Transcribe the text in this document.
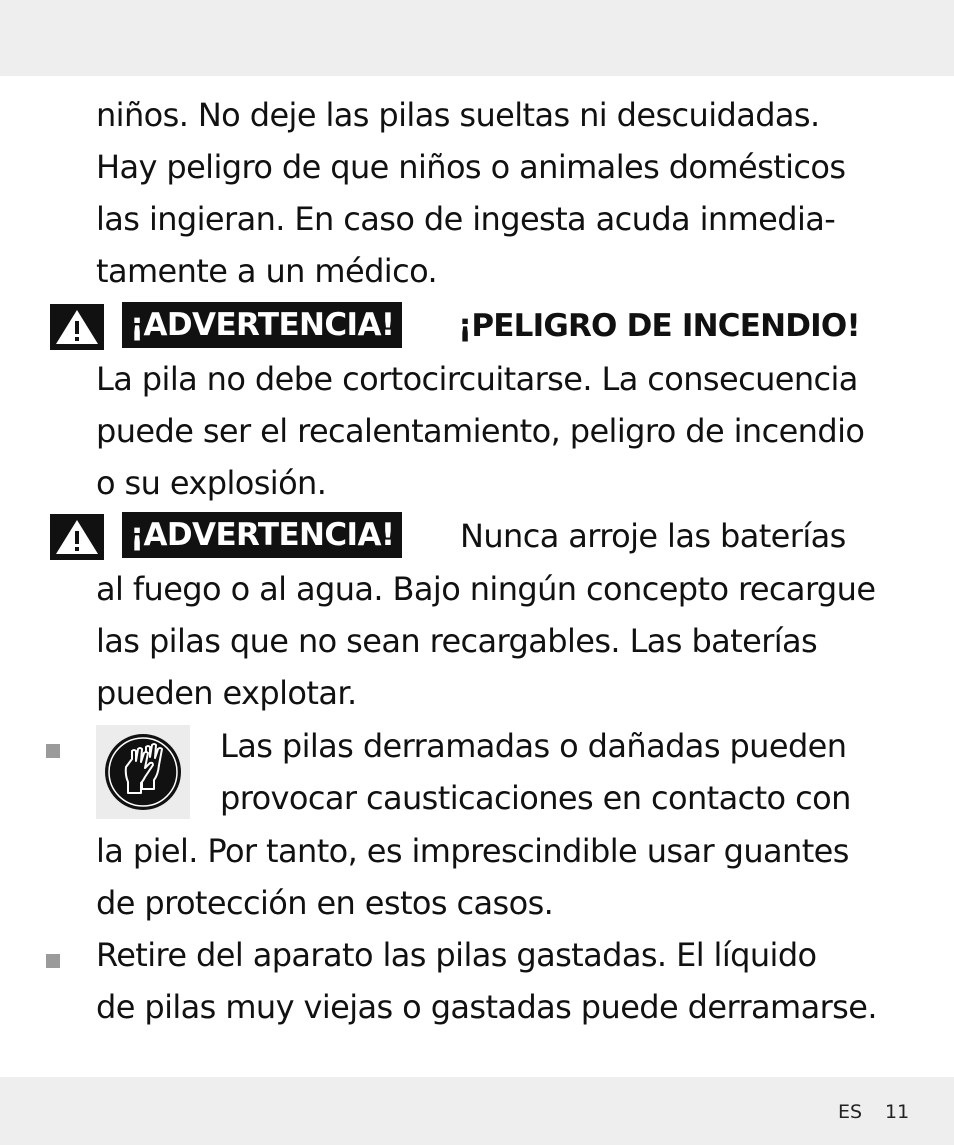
niños. No deje las pilas sueltas ni descuidadas.
Hay peligro de que niños o animales domésticos
las ingieran. En caso de ingesta acuda inmedia-
tamente a un médico.
¡ADVERTENCIA! ¡PELIGRO DE INCENDIO!
La pila no debe cortocircuitarse. La consecuencia
puede ser el recalentamiento, peligro de incendio
o su explosión.
¡ADVERTENCIA! Nunca arroje las baterías
al fuego o al agua. Bajo ningún concepto recargue
las pilas que no sean recargables. Las baterías
pueden explotar.
Las pilas derramadas o dañadas pueden
provocar causticaciones en contacto con
la piel. Por tanto, es imprescindible usar guantes
de protección en estos casos.
Retire del aparato las pilas gastadas. El líquido
de pilas muy viejas o gastadas puede derramarse.
ES 11
